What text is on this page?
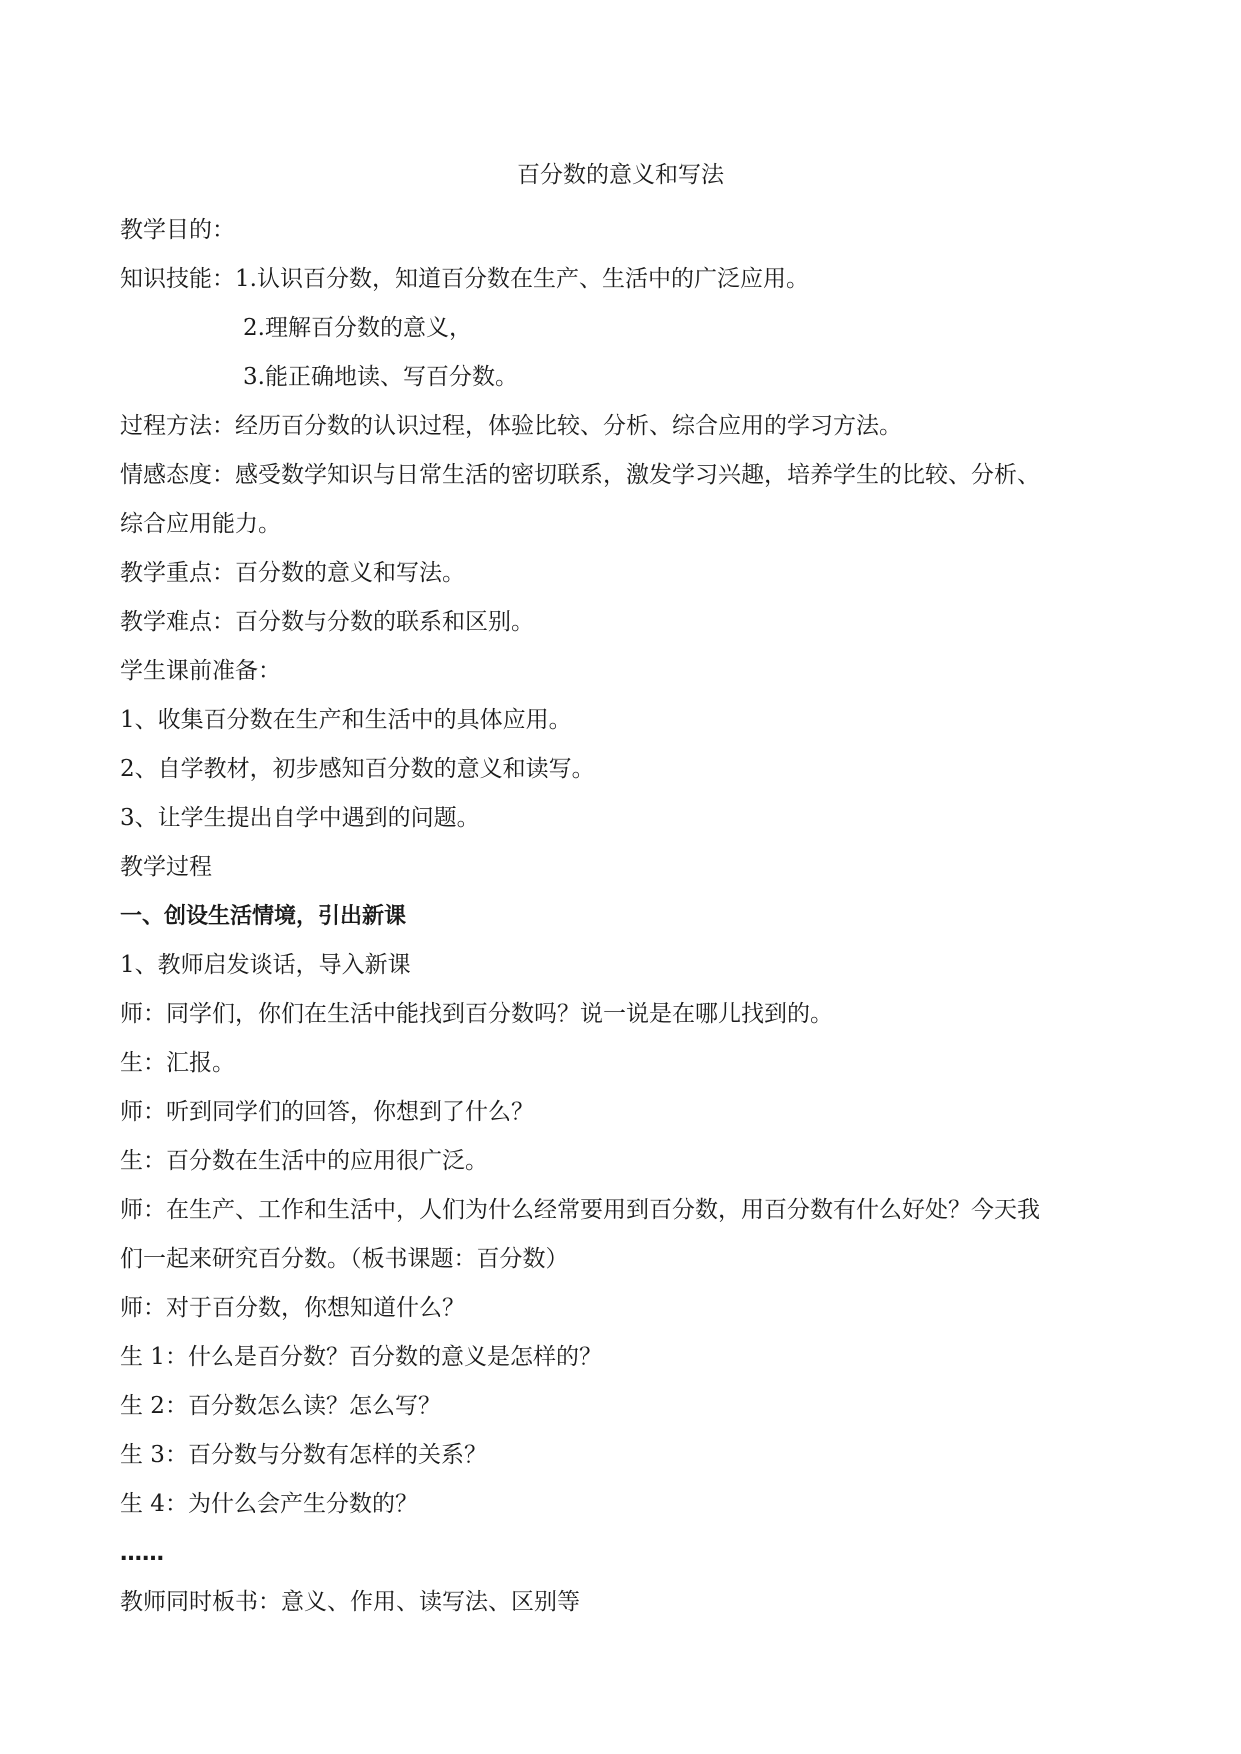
百分数的意义和写法
教学目的：
知识技能：1.认识百分数，知道百分数在生产、生活中的广泛应用。
2.理解百分数的意义，
3.能正确地读、写百分数。
过程方法：经历百分数的认识过程，体验比较、分析、综合应用的学习方法。
情感态度：感受数学知识与日常生活的密切联系，激发学习兴趣，培养学生的比较、分析、
综合应用能力。
教学重点：百分数的意义和写法。
教学难点：百分数与分数的联系和区别。
学生课前准备：
1、收集百分数在生产和生活中的具体应用。
2、自学教材，初步感知百分数的意义和读写。
3、让学生提出自学中遇到的问题。
教学过程
一、创设生活情境，引出新课
1、教师启发谈话，导入新课
师：同学们，你们在生活中能找到百分数吗？说一说是在哪儿找到的。
生：汇报。
师：听到同学们的回答，你想到了什么？
生：百分数在生活中的应用很广泛。
师：在生产、工作和生活中，人们为什么经常要用到百分数，用百分数有什么好处？今天我
们一起来研究百分数。（板书课题：百分数）
师：对于百分数，你想知道什么？
生 1：什么是百分数？百分数的意义是怎样的？
生 2：百分数怎么读？怎么写？
生 3：百分数与分数有怎样的关系？
生 4：为什么会产生分数的？
……
教师同时板书：意义、作用、读写法、区别等
